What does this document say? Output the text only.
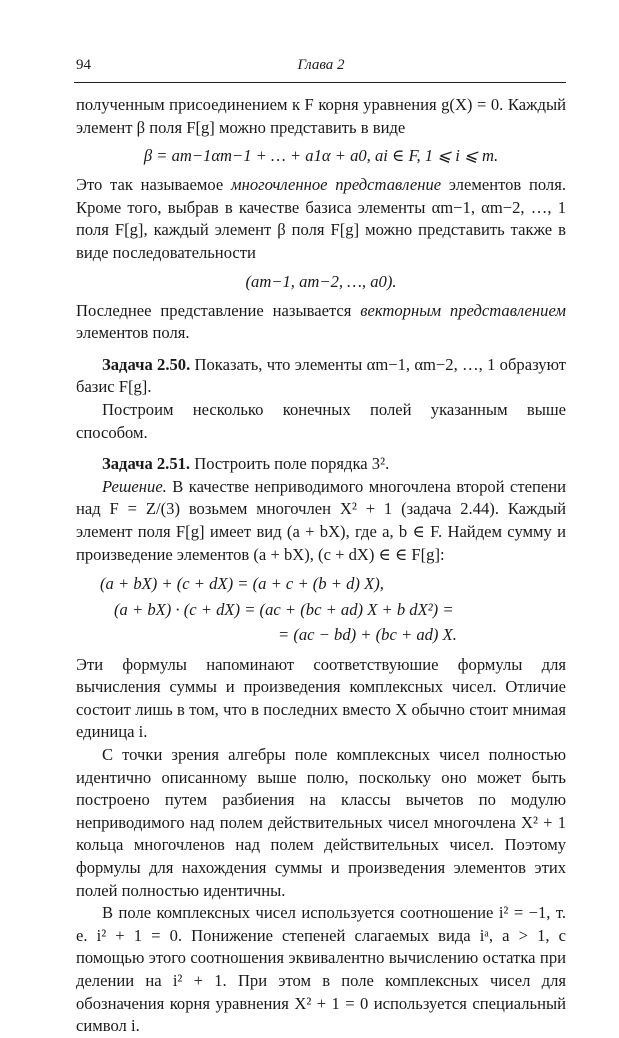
94	Глава 2

полученным присоединением к F корня уравнения g(X) = 0. Каждый элемент β поля F[g] можно представить в виде

β = am−1αm−1 + … + a1α + a0, ai ∈ F, 1 ⩽ i ⩽ m.

Это так называемое многочленное представление элементов поля. Кроме того, выбрав в качестве базиса элементы αm−1, αm−2, …, 1 поля F[g], каждый элемент β поля F[g] можно представить также в виде последовательности

(am−1, am−2, …, a0).

Последнее представление называется векторным представлением элементов поля.

Задача 2.50. Показать, что элементы αm−1, αm−2, …, 1 образуют базис F[g].

Построим несколько конечных полей указанным выше способом.

Задача 2.51. Построить поле порядка 3².

Решение. В качестве неприводимого многочлена второй степени над F = Z/(3) возьмем многочлен X² + 1 (задача 2.44). Каждый элемент поля F[g] имеет вид (a + bX), где a, b ∈ F. Найдем сумму и произведение элементов (a + bX), (c + dX) ∈ ∈ F[g]:

(a + bX) + (c + dX) = (a + c + (b + d) X),
(a + bX) · (c + dX) = (ac + (bc + ad) X + b dX²) =
= (ac − bd) + (bc + ad) X.

Эти формулы напоминают соответствуюшие формулы для вычисления суммы и произведения комплексных чисел. Отличие состоит лишь в том, что в последних вместо X обычно стоит мнимая единица i.

С точки зрения алгебры поле комплексных чисел полностью идентично описанному выше полю, поскольку оно может быть построено путем разбиения на классы вычетов по модулю неприводимого над полем действительных чисел многочлена X² + 1 кольца многочленов над полем действительных чисел. Поэтому формулы для нахождения суммы и произведения элементов этих полей полностью идентичны.

В поле комплексных чисел используется соотношение i² = −1, т. е. i² + 1 = 0. Понижение степеней слагаемых вида iᵃ, a > 1, с помощью этого соотношения эквивалентно вычислению остатка при делении на i² + 1. При этом в поле комплексных чисел для обозначения корня уравнения X² + 1 = 0 используется специальный символ i.
